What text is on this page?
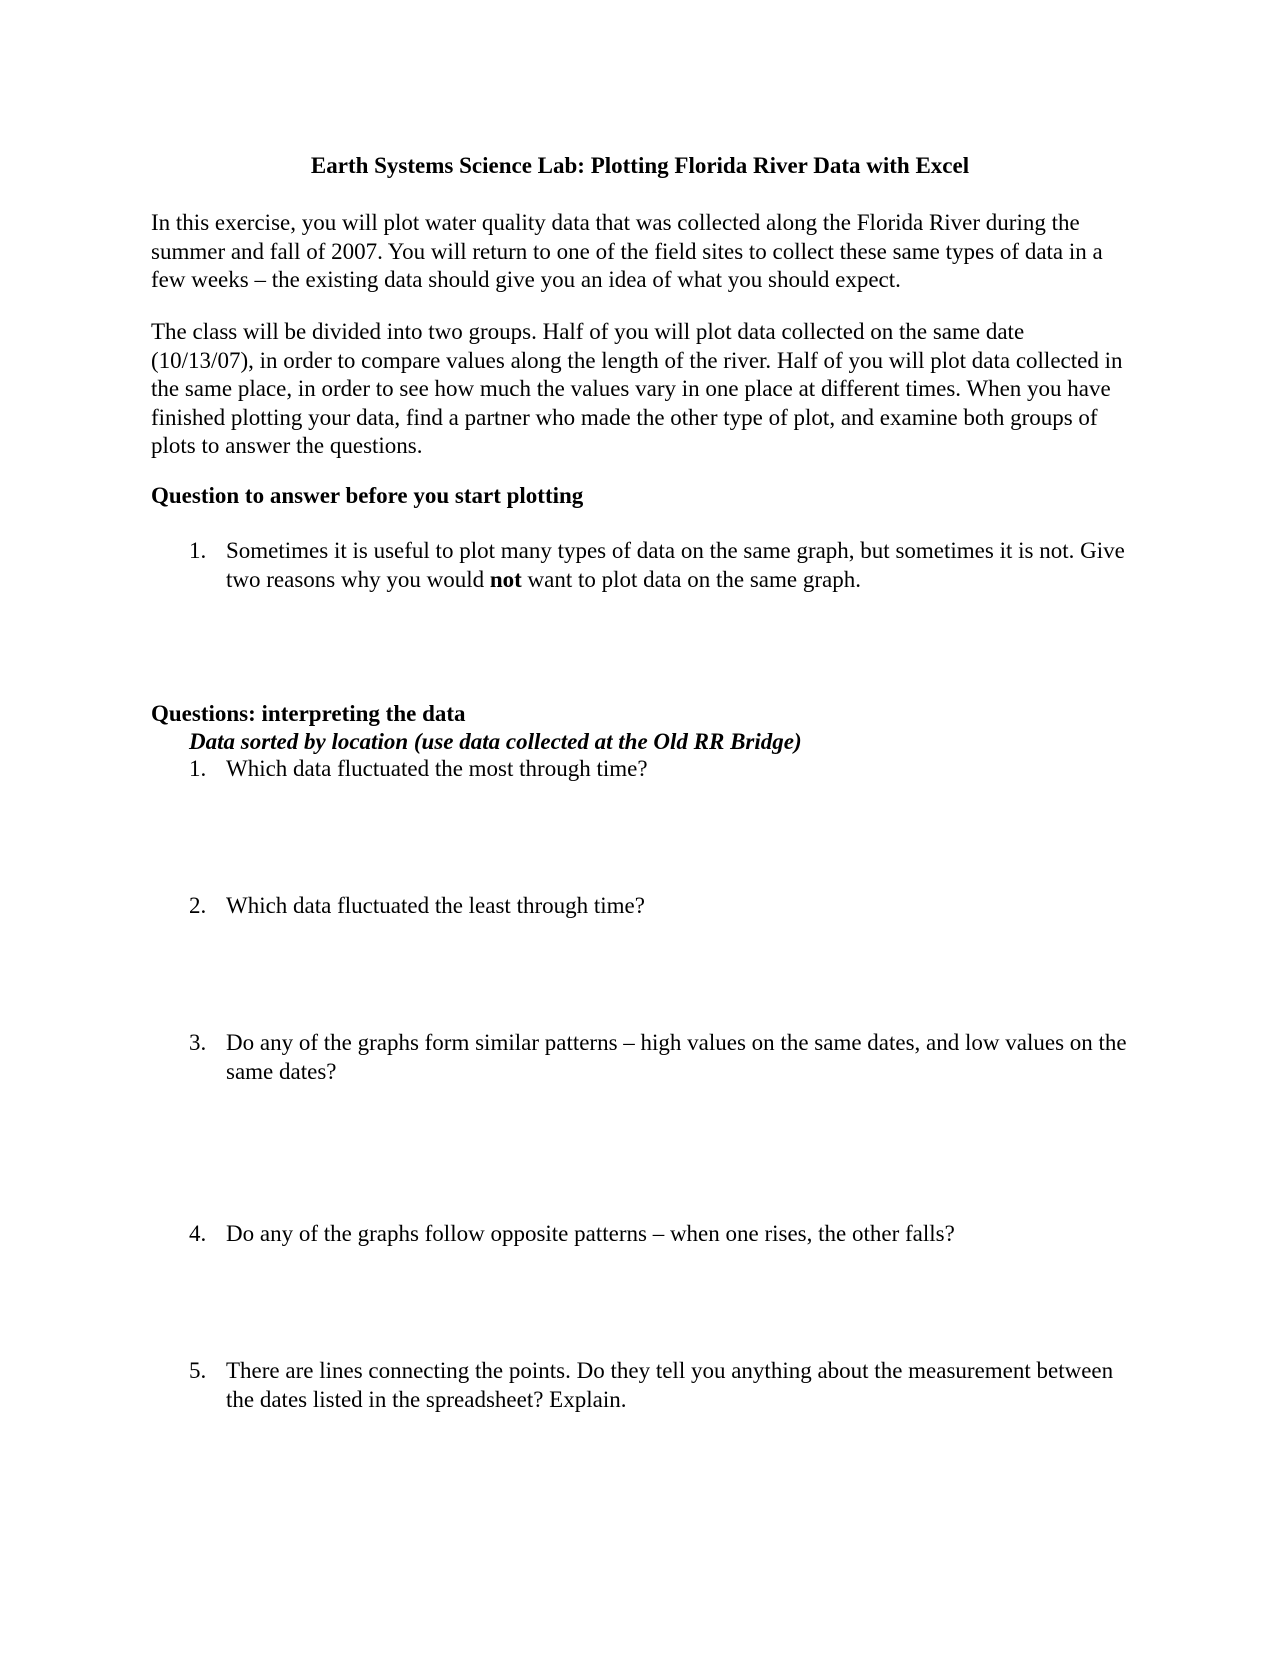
Earth Systems Science Lab: Plotting Florida River Data with Excel

In this exercise, you will plot water quality data that was collected along the Florida River during the summer and fall of 2007. You will return to one of the field sites to collect these same types of data in a few weeks – the existing data should give you an idea of what you should expect.

The class will be divided into two groups. Half of you will plot data collected on the same date (10/13/07), in order to compare values along the length of the river. Half of you will plot data collected in the same place, in order to see how much the values vary in one place at different times. When you have finished plotting your data, find a partner who made the other type of plot, and examine both groups of plots to answer the questions.

Question to answer before you start plotting
1. Sometimes it is useful to plot many types of data on the same graph, but sometimes it is not. Give two reasons why you would not want to plot data on the same graph.
Questions: interpreting the data
Data sorted by location (use data collected at the Old RR Bridge)
1. Which data fluctuated the most through time?
2. Which data fluctuated the least through time?
3. Do any of the graphs form similar patterns – high values on the same dates, and low values on the same dates?
4. Do any of the graphs follow opposite patterns – when one rises, the other falls?
5. There are lines connecting the points. Do they tell you anything about the measurement between the dates listed in the spreadsheet? Explain.
